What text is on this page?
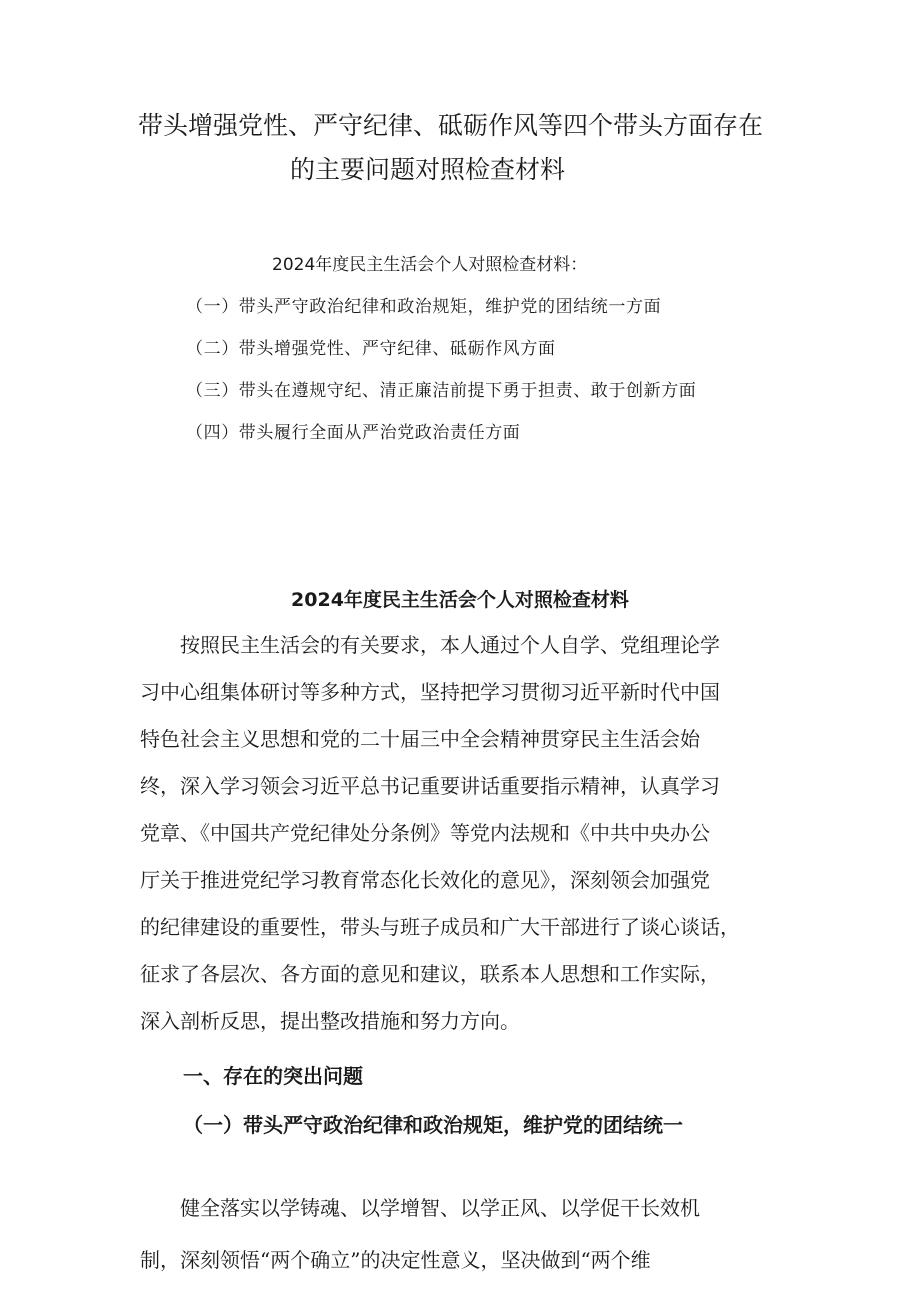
带头增强党性、严守纪律、砥砺作风等四个带头方面存在
的主要问题对照检查材料
2024年度民主生活会个人对照检查材料：
（一）带头严守政治纪律和政治规矩，维护党的团结统一方面
（二）带头增强党性、严守纪律、砥砺作风方面
（三）带头在遵规守纪、清正廉洁前提下勇于担责、敢于创新方面
（四）带头履行全面从严治党政治责任方面
2024年度民主生活会个人对照检查材料

　　按照民主生活会的有关要求，本人通过个人自学、党组理论学
习中心组集体研讨等多种方式，坚持把学习贯彻习近平新时代中国
特色社会主义思想和党的二十届三中全会精神贯穿民主生活会始
终，深入学习领会习近平总书记重要讲话重要指示精神，认真学习
党章、《中国共产党纪律处分条例》等党内法规和《中共中央办公
厅关于推进党纪学习教育常态化长效化的意见》，深刻领会加强党
的纪律建设的重要性，带头与班子成员和广大干部进行了谈心谈话，
征求了各层次、各方面的意见和建议，联系本人思想和工作实际，
深入剖析反思，提出整改措施和努力方向。

一、存在的突出问题
（一）带头严守政治纪律和政治规矩，维护党的团结统一

　　健全落实以学铸魂、以学增智、以学正风、以学促干长效机
制，深刻领悟“两个确立”的决定性意义，坚决做到“两个维
